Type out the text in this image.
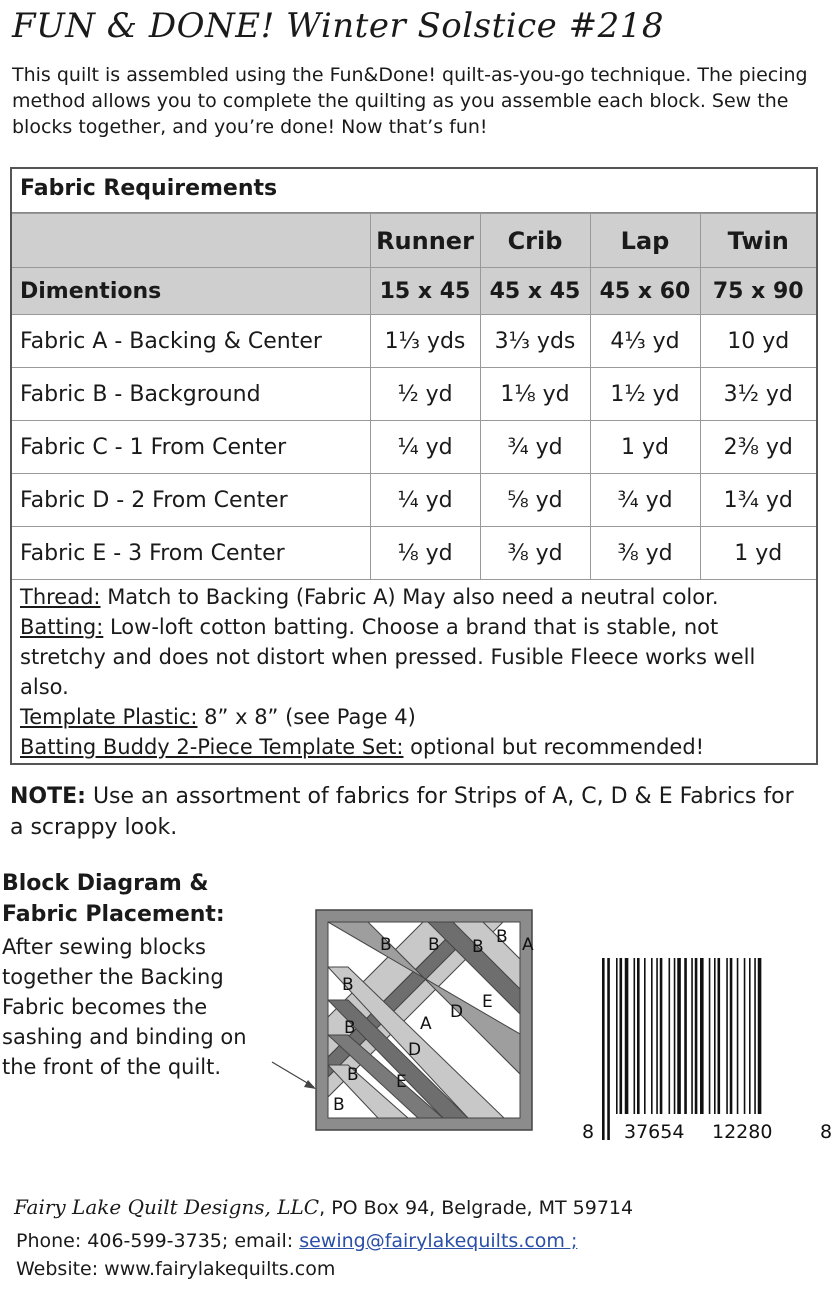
FUN & DONE! Winter Solstice #218

This quilt is assembled using the Fun&Done! quilt-as-you-go technique. The piecing method allows you to complete the quilting as you assemble each block. Sew the blocks together, and you’re done! Now that’s fun!

Fabric Requirements
	Runner	Crib	Lap	Twin
Dimentions	15 x 45	45 x 45	45 x 60	75 x 90
Fabric A - Backing & Center	1⅓ yds	3⅓ yds	4⅓ yd	10 yd
Fabric B - Background	½ yd	1⅛ yd	1½ yd	3½ yd
Fabric C - 1 From Center	¼ yd	¾ yd	1 yd	2⅜ yd
Fabric D - 2 From Center	¼ yd	⅝ yd	¾ yd	1¾ yd
Fabric E - 3 From Center	⅛ yd	⅜ yd	⅜ yd	1 yd
Thread: Match to Backing (Fabric A) May also need a neutral color.
Batting: Low-loft cotton batting. Choose a brand that is stable, not stretchy and does not distort when pressed. Fusible Fleece works well also.
Template Plastic: 8” x 8” (see Page 4)
Batting Buddy 2-Piece Template Set: optional but recommended!

NOTE: Use an assortment of fabrics for Strips of A, C, D & E Fabrics for a scrappy look.

Block Diagram &
Fabric Placement:

After sewing blocks together the Backing Fabric becomes the sashing and binding on the front of the quilt.

B B B B A
B
B
B
B
A
D
D
E
E
8 37654 12280	8
Fairy Lake Quilt Designs, LLC, PO Box 94, Belgrade, MT 59714
Phone: 406-599-3735; email: sewing@fairylakequilts.com ;
Website: www.fairylakequilts.com
